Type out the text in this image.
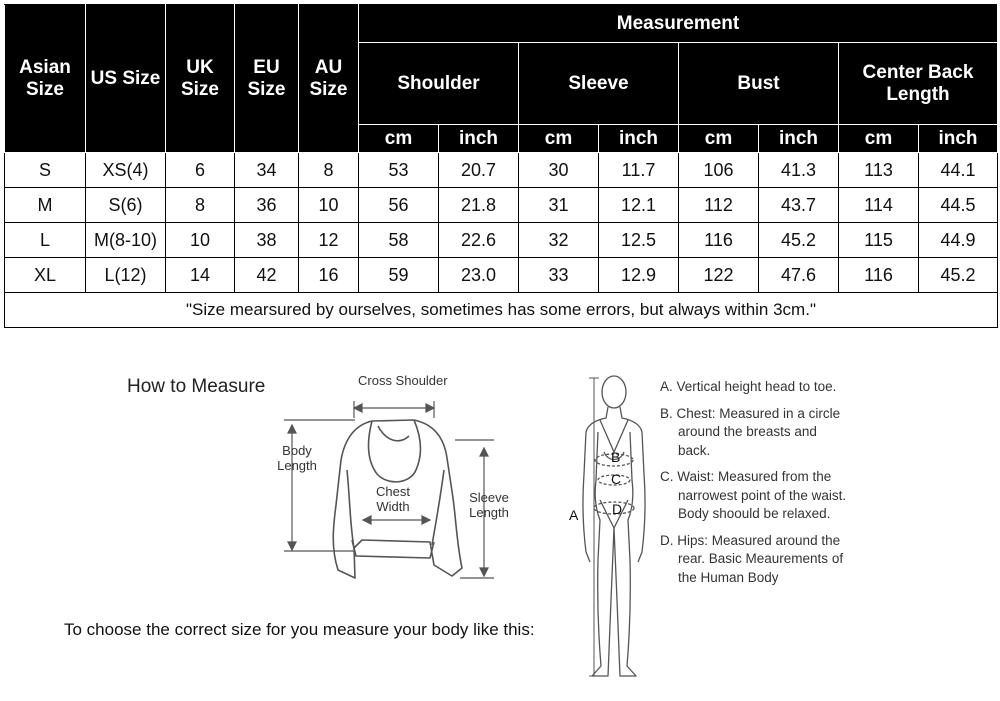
Asian Size	US Size	UK Size	EU Size	AU Size	Measurement							
					Shoulder		Sleeve		Bust		Center Back Length	
					cm	inch	cm	inch	cm	inch	cm	inch
S	XS(4)	6	34	8	53	20.7	30	11.7	106	41.3	113	44.1
M	S(6)	8	36	10	56	21.8	31	12.1	112	43.7	114	44.5
L	M(8-10)	10	38	12	58	22.6	32	12.5	116	45.2	115	44.9
XL	L(12)	14	42	16	59	23.0	33	12.9	122	47.6	116	45.2
"Size mearsured by ourselves, sometimes has some errors, but always within 3cm."												
How to Measure
To choose the correct size for you measure your body like this:
Cross Shoulder
Body Length
Chest Width
Sleeve Length	A
B
C
D
A. Vertical height head to toe.
B. Chest: Measured in a circle around the breasts and back.
C. Waist: Measured from the narrowest point of the waist. Body shoould be relaxed.
D. Hips: Measured around the rear. Basic Meaurements of the Human Body
